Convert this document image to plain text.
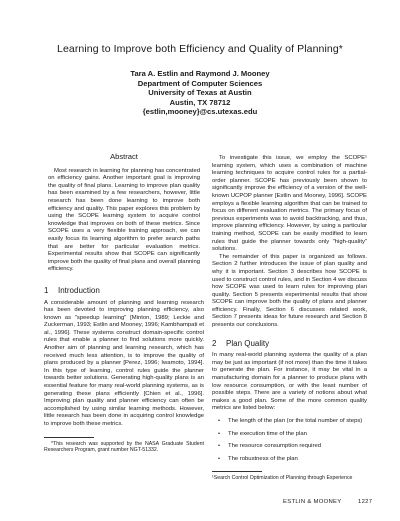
Learning to Improve both Efficiency and Quality of Planning*
Tara A. Estlin and Raymond J. Mooney
Department of Computer Sciences
University of Texas at Austin
Austin, TX 78712
{estlin,mooney}@cs.utexas.edu
Abstract

Most research in learning for planning has concentrated on efficiency gains. Another important goal is improving the quality of final plans. Learning to improve plan quality has been examined by a few researchers, however, little research has been done learning to improve both efficiency and quality. This paper explores this problem by using the SCOPE learning system to acquire control knowledge that improves on both of these metrics. Since SCOPE uses a very flexible training approach, we can easily focus its learning algorithm to prefer search paths that are better for particular evaluation metrics. Experimental results show that SCOPE can significantly improve both the quality of final plans and overall planning efficiency.

1 Introduction

A considerable amount of planning and learning research has been devoted to improving planning efficiency, also known as "speedup learning" [Minton, 1989; Leckie and Zuckerman, 1993; Estlin and Mooney, 1996; Kambhampati et al., 1996]. These systems construct domain-specific control rules that enable a planner to find solutions more quickly. Another aim of planning and learning research, which has received much less attention, is to improve the quality of plans produced by a planner [Perez, 1996; Iwamoto, 1994]. In this type of learning, control rules guide the planner towards better solutions. Generating high-quality plans is an essential feature for many real-world planning systems, as is generating these plans efficiently [Chien et al., 1996]. Improving plan quality and planner efficiency can often be accomplished by using similar learning methods. However, little research has been done in acquiring control knowledge to improve both these metrics.

*This research was supported by the NASA Graduate Student Researchers Program, grant number NGT-51332.

To investigate this issue, we employ the SCOPE¹ learning system, which uses a combination of machine learning techniques to acquire control rules for a partial-order planner. SCOPE has previously been shown to significantly improve the efficiency of a version of the well-known UCPOP planner [Estlin and Mooney, 1996]. SCOPE employs a flexible learning algorithm that can be trained to focus on different evaluation metrics. The primary focus of previous experiments was to avoid backtracking, and thus, improve planning efficiency. However, by using a particular training method, SCOPE can be easily modified to learn rules that guide the planner towards only "high-quality" solutions.

The remainder of this paper is organized as follows. Section 2 further introduces the issue of plan quality and why it is important. Section 3 describes how SCOPE is used to construct control rules, and in Section 4 we discuss how SCOPE was used to learn rules for improving plan quality. Section 5 presents experimental results that show SCOPE can improve both the quality of plans and planner efficiency. Finally, Section 6 discusses related work, Section 7 presents ideas for future research and Section 8 presents our conclusions.

2 Plan Quality

In many real-world planning systems the quality of a plan may be just as important (if not more) than the time it takes to generate the plan. For instance, it may be vital in a manufacturing domain for a planner to produce plans with low resource consumption, or with the least number of possible steps. There are a variety of notions about what makes a good plan. Some of the more common quality metrics are listed below:

• The length of the plan (or the total number of steps)
• The execution time of the plan
• The resource consumption required
• The robustness of the plan

¹Search Control Optimization of Planning through Experience

ESTLIN & MOONEY	1227
